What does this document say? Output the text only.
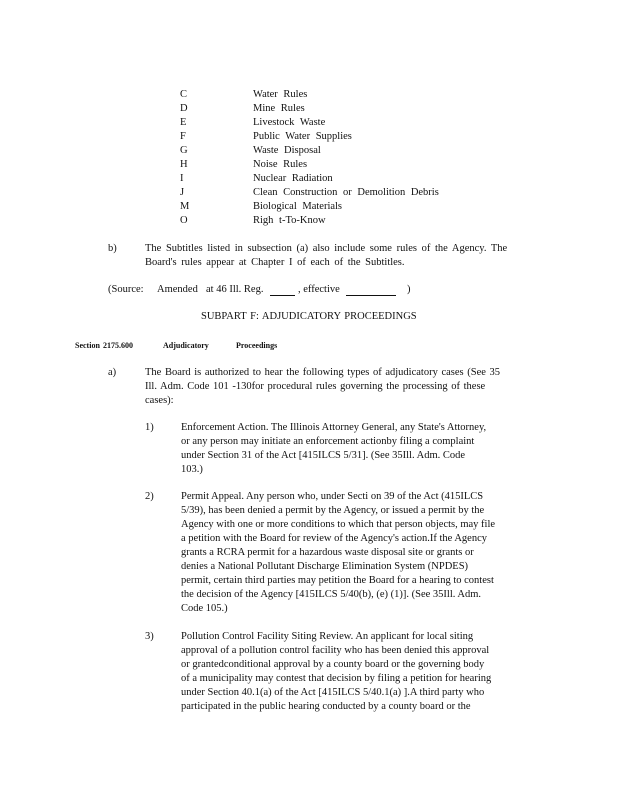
C	Water Rules
D	Mine Rules
E	Livestock Waste
F	Public Water Supplies
G	Waste Disposal
H	Noise Rules
I	Nuclear Radiation
J	Clean Construction or Demolition Debris
M	Biological Materials
O	Righ t-To-Know
b)	The Subtitles listed in subsection (a) also include some rules of the Agency. The
Board's rules appear at Chapter I of each of the Subtitles.
(Source: Amended at 46 Ill. Reg.	, effective	)
SUBPART F: ADJUDICATORY PROCEEDINGS
Section 2175.600	Adjudicatory	Proceedings
a)	The Board is authorized to hear the following types of adjudicatory cases (See 35
Ill. Adm. Code 101 -130for procedural rules governing the processing of these
cases):
1)	Enforcement Action. The Illinois Attorney General, any State's Attorney,
or any person may initiate an enforcement actionby filing a complaint
under Section 31 of the Act [415ILCS 5/31]. (See 35Ill. Adm. Code
103.)
2)	Permit Appeal. Any person who, under Secti on 39 of the Act (415ILCS
5/39), has been denied a permit by the Agency, or issued a permit by the
Agency with one or more conditions to which that person objects, may file
a petition with the Board for review of the Agency's action.If the Agency
grants a RCRA permit for a hazardous waste disposal site or grants or
denies a National Pollutant Discharge Elimination System (NPDES)
permit, certain third parties may petition the Board for a hearing to contest
the decision of the Agency [415ILCS 5/40(b), (e) (1)]. (See 35Ill. Adm.
Code 105.)
3)	Pollution Control Facility Siting Review. An applicant for local siting
approval of a pollution control facility who has been denied this approval
or grantedconditional approval by a county board or the governing body
of a municipality may contest that decision by filing a petition for hearing
under Section 40.1(a) of the Act [415ILCS 5/40.1(a) ].A third party who
participated in the public hearing conducted by a county board or the
